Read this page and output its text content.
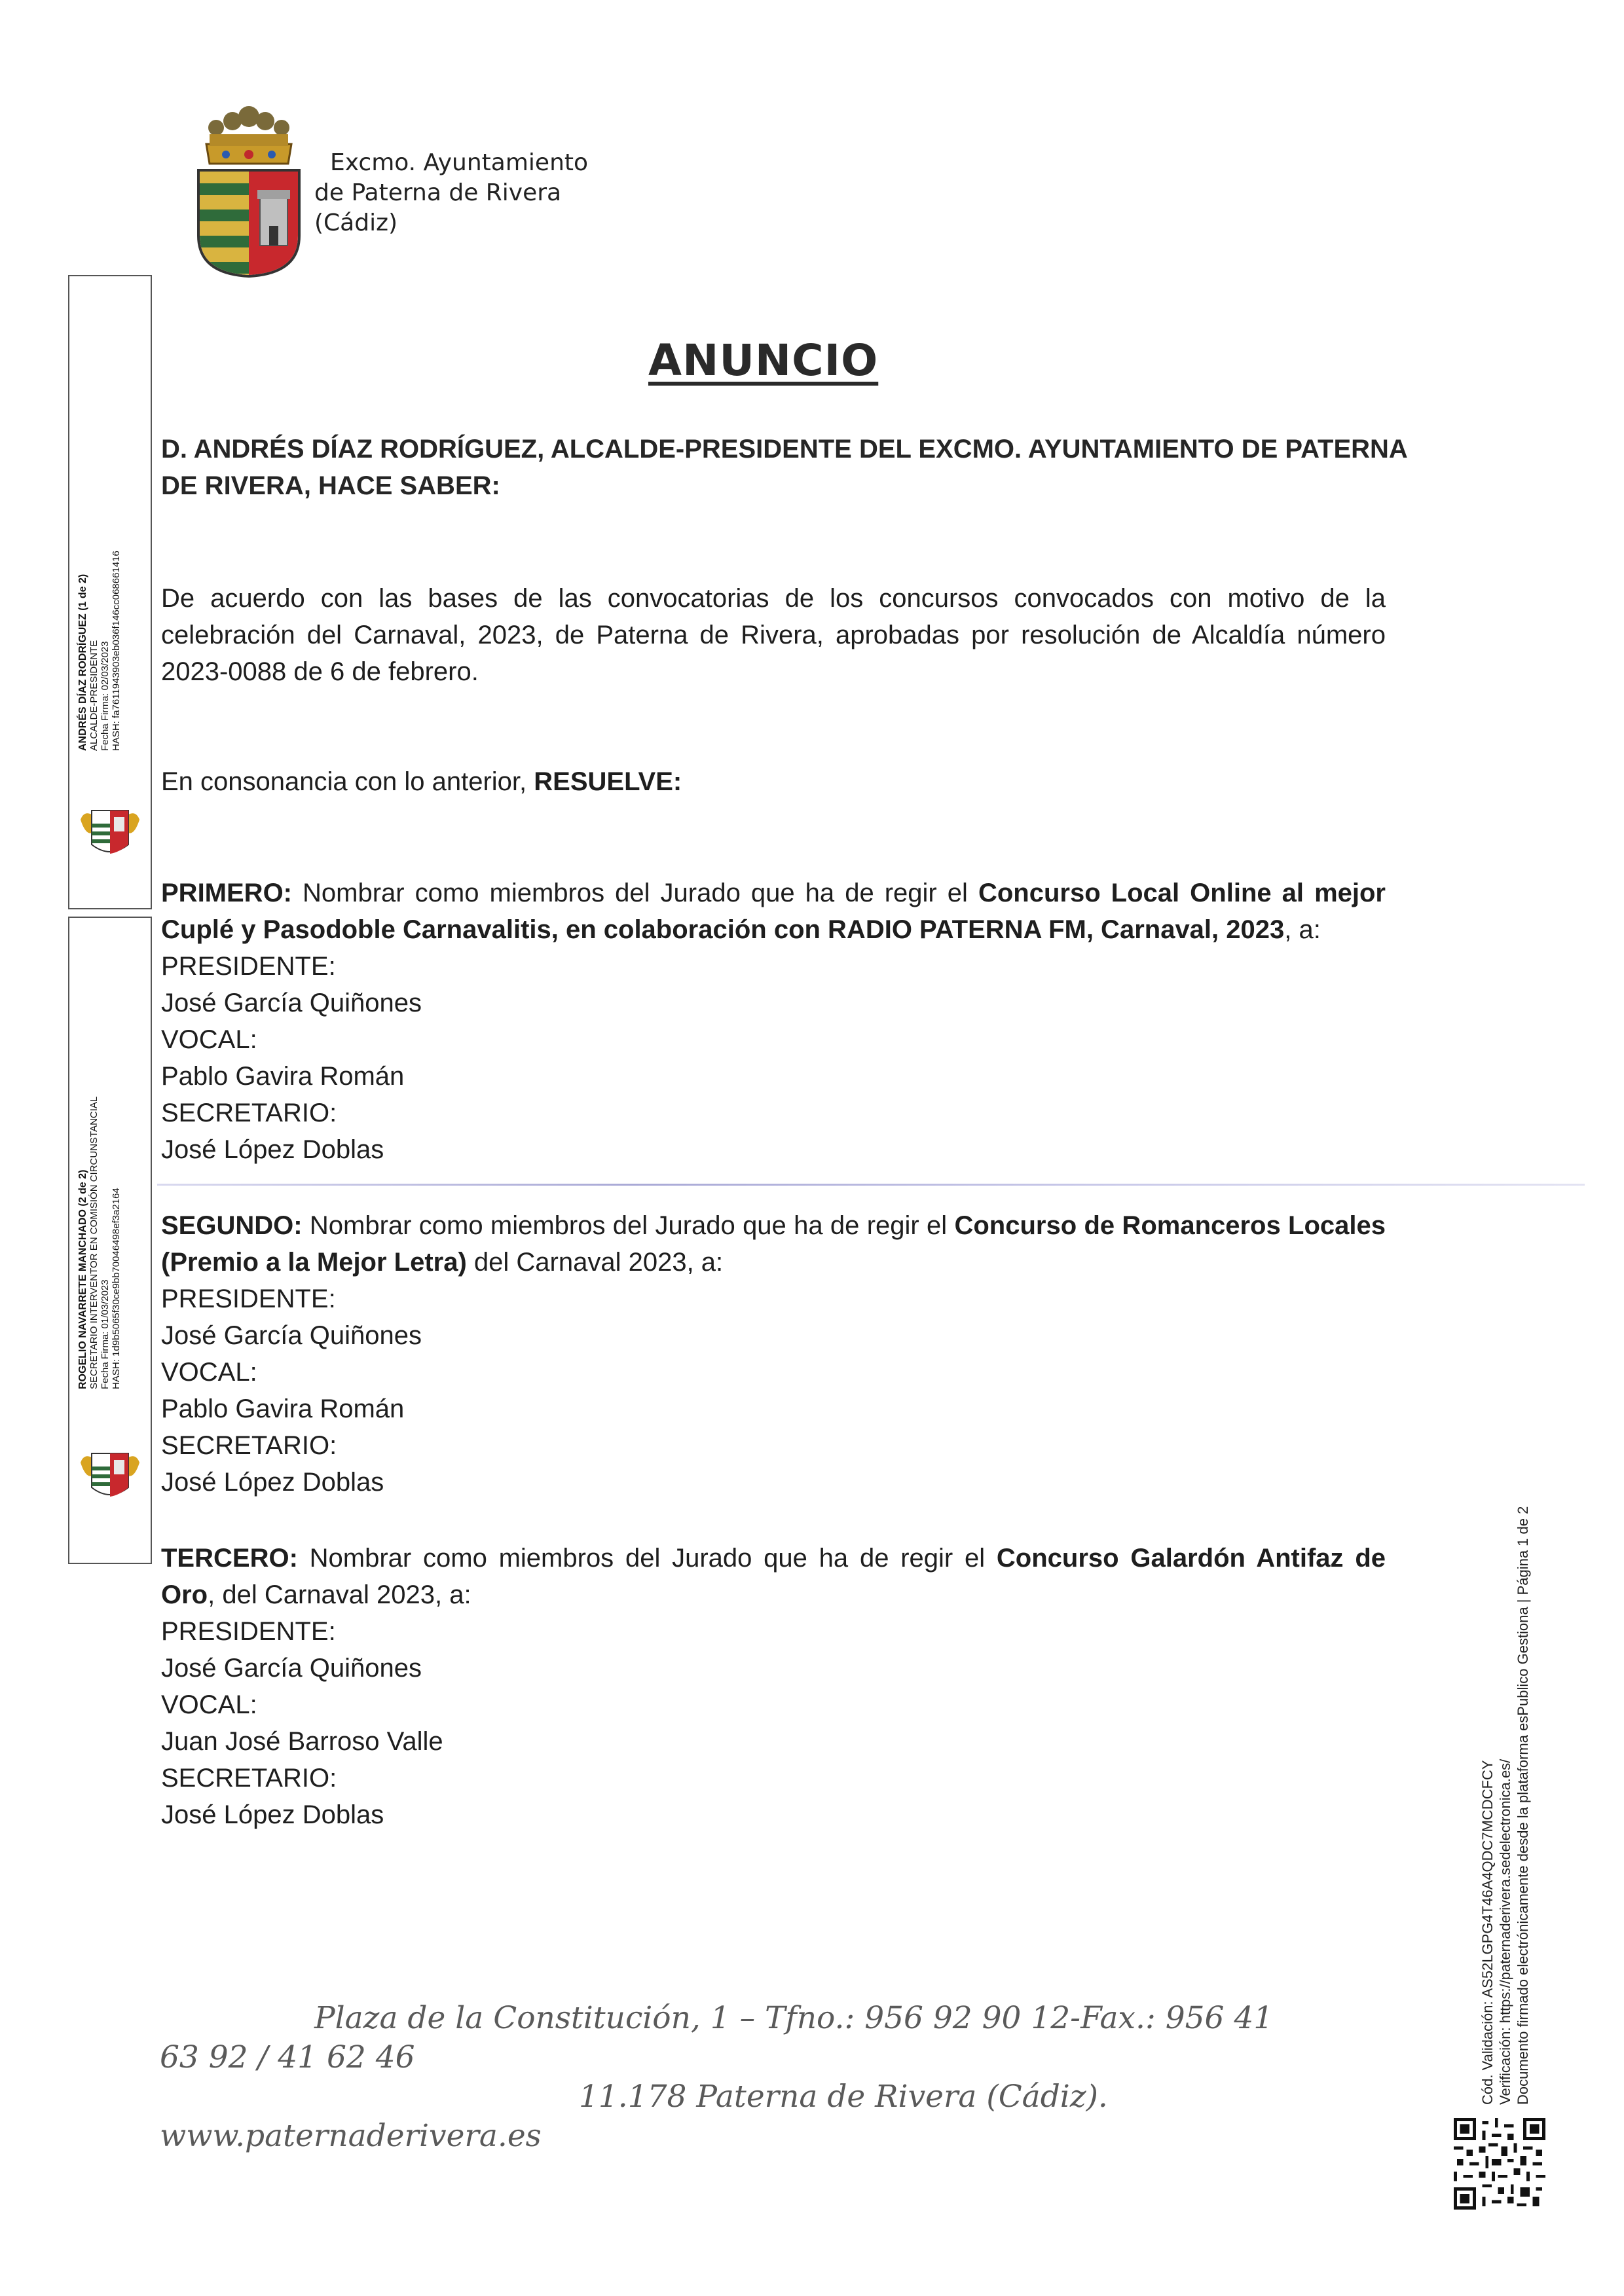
Excmo. Ayuntamiento
de Paterna de Rivera
(Cádiz)
ANDRÉS DÍAZ RODRÍGUEZ (1 de 2) ALCALDE-PRESIDENTE Fecha Firma: 02/03/2023 HASH: fa7611943903eb036f146cc068661416
ROGELIO NAVARRETE MANCHADO (2 de 2) SECRETARIO INTERVENTOR EN COMISIÓN CIRCUNSTANCIAL Fecha Firma: 01/03/2023 HASH: 1d9b5065f30ce9bb70046498ef3a2164
ANUNCIO
D. ANDRÉS DÍAZ RODRÍGUEZ, ALCALDE-PRESIDENTE DEL EXCMO. AYUNTAMIENTO DE PATERNA
DE RIVERA, HACE SABER:
De acuerdo con las bases de las convocatorias de los concursos convocados con motivo de la celebración del Carnaval, 2023, de Paterna de Rivera, aprobadas por resolución de Alcaldía número 2023-0088 de 6 de febrero.
En consonancia con lo anterior, RESUELVE:
PRIMERO: Nombrar como miembros del Jurado que ha de regir el Concurso Local Online al mejor Cuplé y Pasodoble Carnavalitis, en colaboración con RADIO PATERNA FM, Carnaval, 2023, a:
PRESIDENTE:
José García Quiñones
VOCAL:
Pablo Gavira Román
SECRETARIO:
José López Doblas
SEGUNDO: Nombrar como miembros del Jurado que ha de regir el Concurso de Romanceros Locales (Premio a la Mejor Letra) del Carnaval 2023, a:
PRESIDENTE:
José García Quiñones
VOCAL:
Pablo Gavira Román
SECRETARIO:
José López Doblas
TERCERO: Nombrar como miembros del Jurado que ha de regir el Concurso Galardón Antifaz de Oro, del Carnaval 2023, a:
PRESIDENTE:
José García Quiñones
VOCAL:
Juan José Barroso Valle
SECRETARIO:
José López Doblas
Plaza de la Constitución, 1 – Tfno.: 956 92 90 12-Fax.: 956 41
63 92 / 41 62 46
11.178 Paterna de Rivera (Cádiz).
www.paternaderivera.es
Cód. Validación: AS52LGPG4T46A4QDC7MCDCFCY Verificación: https://paternaderivera.sedelectronica.es/ Documento firmado electrónicamente desde la plataforma esPublico Gestiona | Página 1 de 2
